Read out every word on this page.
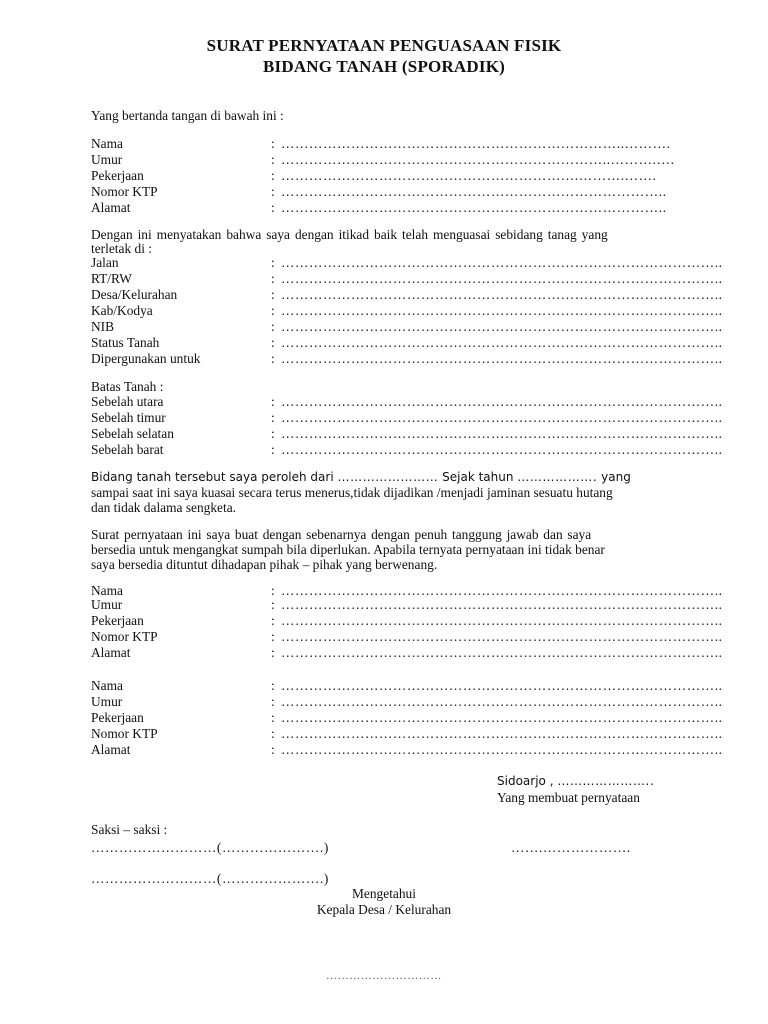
SURAT PERNYATAAN PENGUASAAN FISIK
BIDANG TANAH (SPORADIK)
Yang bertanda tangan di bawah ini :
Nama	: ………………………………………………………………..……….
Umur	: ……………………………………………………………..……….….
Pekerjaan	: ……………………………………………………….……….…….
Nomor KTP	: ………………………………………………………………………..
Alamat	: ………………………………………………………………………..
Dengan ini menyatakan bahwa saya dengan itikad baik telah menguasai sebidang tanag yang
terletak di :
Jalan	: …………………………………………………………………………………..
RT/RW	: …………………………………………………………………………………..
Desa/Kelurahan	: …………………………………………………………………………………..
Kab/Kodya	: …………………………………………………………………………………..
NIB	: …………………………………………………………………………………..
Status Tanah	: …………………………………………………………………………………..
Dipergunakan untuk	: …………………………………………………………………………………..
Batas Tanah :
Sebelah utara	: …………………………………………………………………………………..
Sebelah timur	: …………………………………………………………………………………..
Sebelah selatan	: …………………………………………………………………………………..
Sebelah barat	: …………………………………………………………………………………..
Bidang tanah tersebut saya peroleh dari …………………… Sejak tahun ………………. yang
sampai saat ini saya kuasai secara terus menerus,tidak dijadikan /menjadi jaminan sesuatu hutang
dan tidak dalama sengketa.
Surat pernyataan ini saya buat dengan sebenarnya dengan penuh tanggung jawab dan saya
bersedia untuk mengangkat sumpah bila diperlukan. Apabila ternyata pernyataan ini tidak benar
saya bersedia dituntut dihadapan pihak – pihak yang berwenang.
Nama	: …………………………………………………………………………………..
Umur	: …………………………………………………………………………………..
Pekerjaan	: …………………………………………………………………………………..
Nomor KTP	: …………………………………………………………………………………..
Alamat	: …………………………………………………………………………………..
Nama	: …………………………………………………………………………………..
Umur	: …………………………………………………………………………………..
Pekerjaan	: …………………………………………………………………………………..
Nomor KTP	: …………………………………………………………………………………..
Alamat	: …………………………………………………………………………………..
Sidoarjo , …………………..
Yang membuat pernyataan
Saksi – saksi :
………………………(………………….)	…….……………….
………………………(………………….)
Mengetahui
Kepala Desa / Kelurahan
…………………………
